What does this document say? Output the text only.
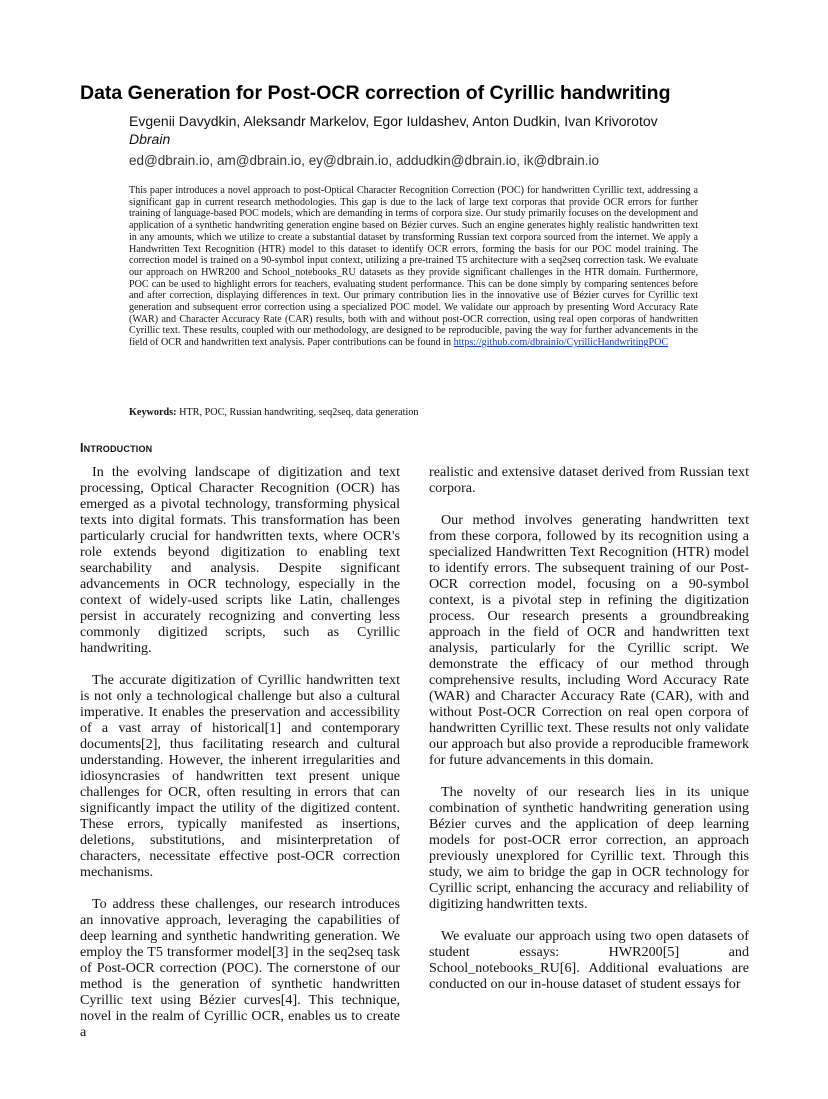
Data Generation for Post-OCR correction of Cyrillic handwriting
Evgenii Davydkin, Aleksandr Markelov, Egor Iuldashev, Anton Dudkin, Ivan Krivorotov
Dbrain
ed@dbrain.io, am@dbrain.io, ey@dbrain.io, addudkin@dbrain.io, ik@dbrain.io

This paper introduces a novel approach to post-Optical Character Recognition Correction (POC) for handwritten Cyrillic text, addressing a significant gap in current research methodologies. This gap is due to the lack of large text corporas that provide OCR errors for further training of language-based POC models, which are demanding in terms of corpora size. Our study primarily focuses on the development and application of a synthetic handwriting generation engine based on Bézier curves. Such an engine generates highly realistic handwritten text in any amounts, which we utilize to create a substantial dataset by transforming Russian text corpora sourced from the internet. We apply a Handwritten Text Recognition (HTR) model to this dataset to identify OCR errors, forming the basis for our POC model training. The correction model is trained on a 90-symbol input context, utilizing a pre-trained T5 architecture with a seq2seq correction task. We evaluate our approach on HWR200 and School_notebooks_RU datasets as they provide significant challenges in the HTR domain. Furthermore, POC can be used to highlight errors for teachers, evaluating student performance. This can be done simply by comparing sentences before and after correction, displaying differences in text. Our primary contribution lies in the innovative use of Bézier curves for Cyrillic text generation and subsequent error correction using a specialized POC model. We validate our approach by presenting Word Accuracy Rate (WAR) and Character Accuracy Rate (CAR) results, both with and without post-OCR correction, using real open corporas of handwritten Cyrillic text. These results, coupled with our methodology, are designed to be reproducible, paving the way for further advancements in the field of OCR and handwritten text analysis. Paper contributions can be found in https://github.com/dbrainio/CyrillicHandwritingPOC

Keywords: HTR, POC, Russian handwriting, seq2seq, data generation
Introduction

In the evolving landscape of digitization and text processing, Optical Character Recognition (OCR) has emerged as a pivotal technology, transforming physical texts into digital formats. This transformation has been particularly crucial for handwritten texts, where OCR's role extends beyond digitization to enabling text searchability and analysis. Despite significant advancements in OCR technology, especially in the context of widely-used scripts like Latin, challenges persist in accurately recognizing and converting less commonly digitized scripts, such as Cyrillic handwriting.

The accurate digitization of Cyrillic handwritten text is not only a technological challenge but also a cultural imperative. It enables the preservation and accessibility of a vast array of historical[1] and contemporary documents[2], thus facilitating research and cultural understanding. However, the inherent irregularities and idiosyncrasies of handwritten text present unique challenges for OCR, often resulting in errors that can significantly impact the utility of the digitized content. These errors, typically manifested as insertions, deletions, substitutions, and misinterpretation of characters, necessitate effective post-OCR correction mechanisms.

To address these challenges, our research introduces an innovative approach, leveraging the capabilities of deep learning and synthetic handwriting generation. We employ the T5 transformer model[3] in the seq2seq task of Post-OCR correction (POC). The cornerstone of our method is the generation of synthetic handwritten Cyrillic text using Bézier curves[4]. This technique, novel in the realm of Cyrillic OCR, enables us to create a

realistic and extensive dataset derived from Russian text corpora.

Our method involves generating handwritten text from these corpora, followed by its recognition using a specialized Handwritten Text Recognition (HTR) model to identify errors. The subsequent training of our Post-OCR correction model, focusing on a 90-symbol context, is a pivotal step in refining the digitization process. Our research presents a groundbreaking approach in the field of OCR and handwritten text analysis, particularly for the Cyrillic script. We demonstrate the efficacy of our method through comprehensive results, including Word Accuracy Rate (WAR) and Character Accuracy Rate (CAR), with and without Post-OCR Correction on real open corpora of handwritten Cyrillic text. These results not only validate our approach but also provide a reproducible framework for future advancements in this domain.

The novelty of our research lies in its unique combination of synthetic handwriting generation using Bézier curves and the application of deep learning models for post-OCR error correction, an approach previously unexplored for Cyrillic text. Through this study, we aim to bridge the gap in OCR technology for Cyrillic script, enhancing the accuracy and reliability of digitizing handwritten texts.

We evaluate our approach using two open datasets of student essays: HWR200[5] and School_notebooks_RU[6]. Additional evaluations are conducted on our in-house dataset of student essays for
